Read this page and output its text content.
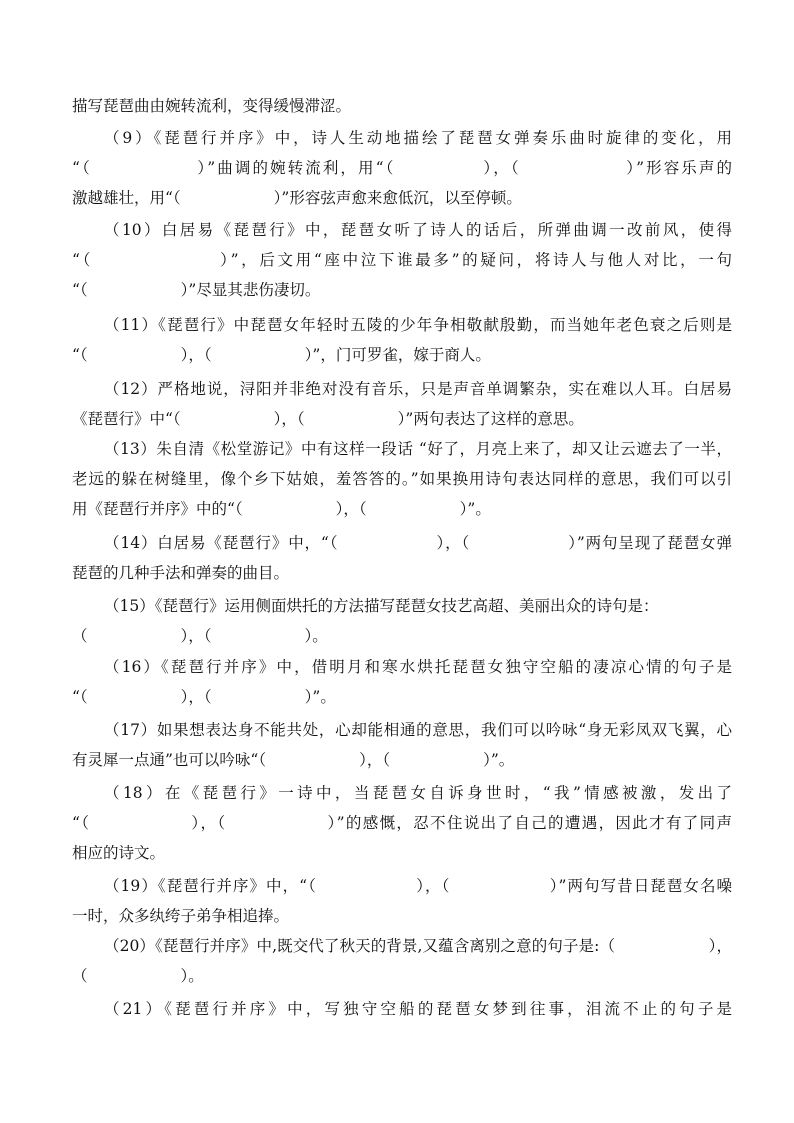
描写琵琶曲由婉转流利，变得缓慢滞涩。
（9）《琵琶行并序》中，诗人生动地描绘了琵琶女弹奏乐曲时旋律的变化，用
“（　　　　　　）”曲调的婉转流利，用“（　　　　　），（　　　　　　）”形容乐声的
激越雄壮，用“（　　　　　　）”形容弦声愈来愈低沉，以至停顿。
（10）白居易《琵琶行》中，琵琶女听了诗人的话后，所弹曲调一改前风，使得
“（　　　　　　　）”，后文用“座中泣下谁最多”的疑问，将诗人与他人对比，一句
“（　　　　　　）”尽显其悲伤凄切。
（11）《琵琶行》中琵琶女年轻时五陵的少年争相敬献殷勤，而当她年老色衰之后则是
“（　　　　　　），（　　　　　　）”，门可罗雀，嫁于商人。
（12）严格地说，浔阳并非绝对没有音乐，只是声音单调繁杂，实在难以人耳。白居易
《琵琶行》中“（　　　　　　），（　　　　　　）”两句表达了这样的意思。
（13）朱自清《松堂游记》中有这样一段话 “好了，月亮上来了，却又让云遮去了一半，
老远的躲在树缝里，像个乡下姑娘，羞答答的。”如果换用诗句表达同样的意思，我们可以引
用《琵琶行并序》中的“（　　　　　　），（　　　　　　）”。
（14）白居易《琵琶行》中，“（　　　　　　），（　　　　　　）”两句呈现了琵琶女弹
琵琶的几种手法和弹奏的曲目。
（15）《琵琶行》运用侧面烘托的方法描写琵琶女技艺高超、美丽出众的诗句是：
（　　　　　　），（　　　　　　）。
（16）《琵琶行并序》中，借明月和寒水烘托琵琶女独守空船的凄凉心情的句子是
“（　　　　　　），（　　　　　　）”。
（17）如果想表达身不能共处，心却能相通的意思，我们可以吟咏“身无彩凤双飞翼，心
有灵犀一点通”也可以吟咏“（　　　　　　），（　　　　　　）”。
（18）在《琵琶行》一诗中，当琵琶女自诉身世时，“我”情感被激，发出了
“（　　　　　　），（　　　　　　）”的感慨，忍不住说出了自己的遭遇，因此才有了同声
相应的诗文。
（19）《琵琶行并序》中，“（　　　　　　），（　　　　　　）”两句写昔日琵琶女名噪
一时，众多纨绔子弟争相追捧。
（20）《琵琶行并序》中,既交代了秋天的背景,又蕴含离别之意的句子是:（　　　　　　），
（　　　　　　）。
（21）《琵琶行并序》中，写独守空船的琵琶女梦到往事，泪流不止的句子是
